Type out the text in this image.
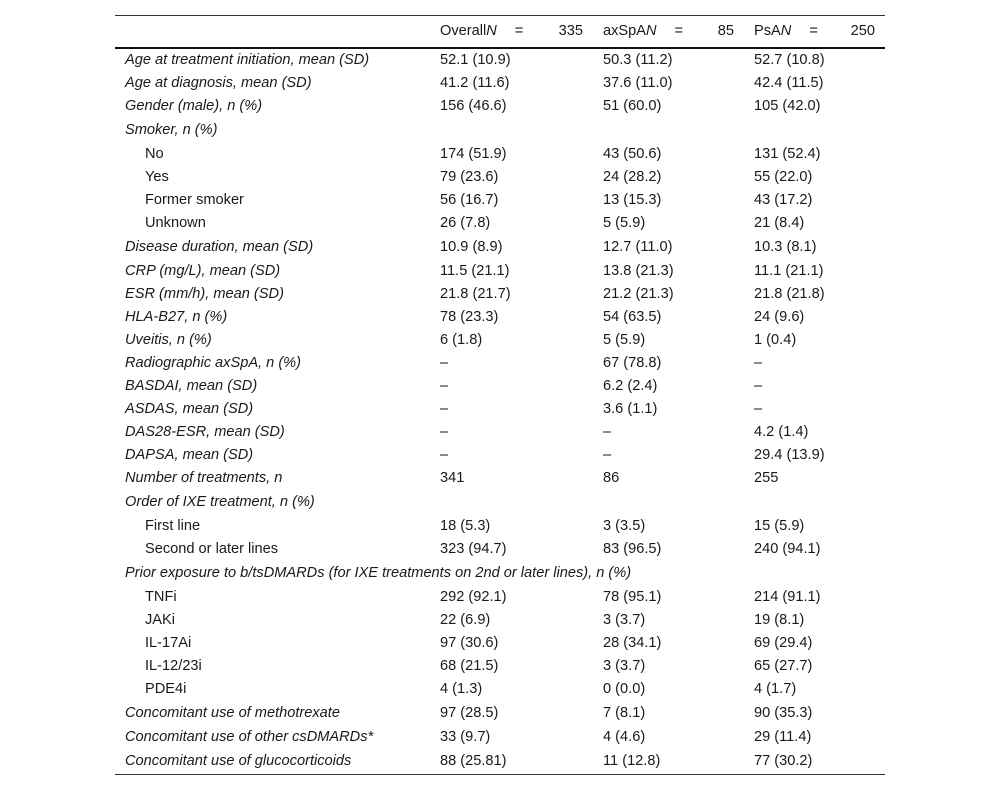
	Overall N = 335	axSpA N = 85	PsA N = 250

Age at treatment initiation, mean (SD)	52.1 (10.9)	50.3 (11.2)	52.7 (10.8)
Age at diagnosis, mean (SD)	41.2 (11.6)	37.6 (11.0)	42.4 (11.5)
Gender (male), n (%)	156 (46.6)	51 (60.0)	105 (42.0)
Smoker, n (%)			
No	174 (51.9)	43 (50.6)	131 (52.4)
Yes	79 (23.6)	24 (28.2)	55 (22.0)
Former smoker	56 (16.7)	13 (15.3)	43 (17.2)
Unknown	26 (7.8)	5 (5.9)	21 (8.4)
Disease duration, mean (SD)	10.9 (8.9)	12.7 (11.0)	10.3 (8.1)
CRP (mg/L), mean (SD)	11.5 (21.1)	13.8 (21.3)	11.1 (21.1)
ESR (mm/h), mean (SD)	21.8 (21.7)	21.2 (21.3)	21.8 (21.8)
HLA-B27, n (%)	78 (23.3)	54 (63.5)	24 (9.6)
Uveitis, n (%)	6 (1.8)	5 (5.9)	1 (0.4)
Radiographic axSpA, n (%)	–	67 (78.8)	–
BASDAI, mean (SD)	–	6.2 (2.4)	–
ASDAS, mean (SD)	–	3.6 (1.1)	–
DAS28-ESR, mean (SD)	–	–	4.2 (1.4)
DAPSA, mean (SD)	–	–	29.4 (13.9)
Number of treatments, n	341	86	255
Order of IXE treatment, n (%)			
First line	18 (5.3)	3 (3.5)	15 (5.9)
Second or later lines	323 (94.7)	83 (96.5)	240 (94.1)
Prior exposure to b/tsDMARDs (for IXE treatments on 2nd or later lines), n (%)			
TNFi	292 (92.1)	78 (95.1)	214 (91.1)
JAKi	22 (6.9)	3 (3.7)	19 (8.1)
IL-17Ai	97 (30.6)	28 (34.1)	69 (29.4)
IL-12/23i	68 (21.5)	3 (3.7)	65 (27.7)
PDE4i	4 (1.3)	0 (0.0)	4 (1.7)
Concomitant use of methotrexate	97 (28.5)	7 (8.1)	90 (35.3)
Concomitant use of other csDMARDs*	33 (9.7)	4 (4.6)	29 (11.4)
Concomitant use of glucocorticoids	88 (25.81)	11 (12.8)	77 (30.2)
